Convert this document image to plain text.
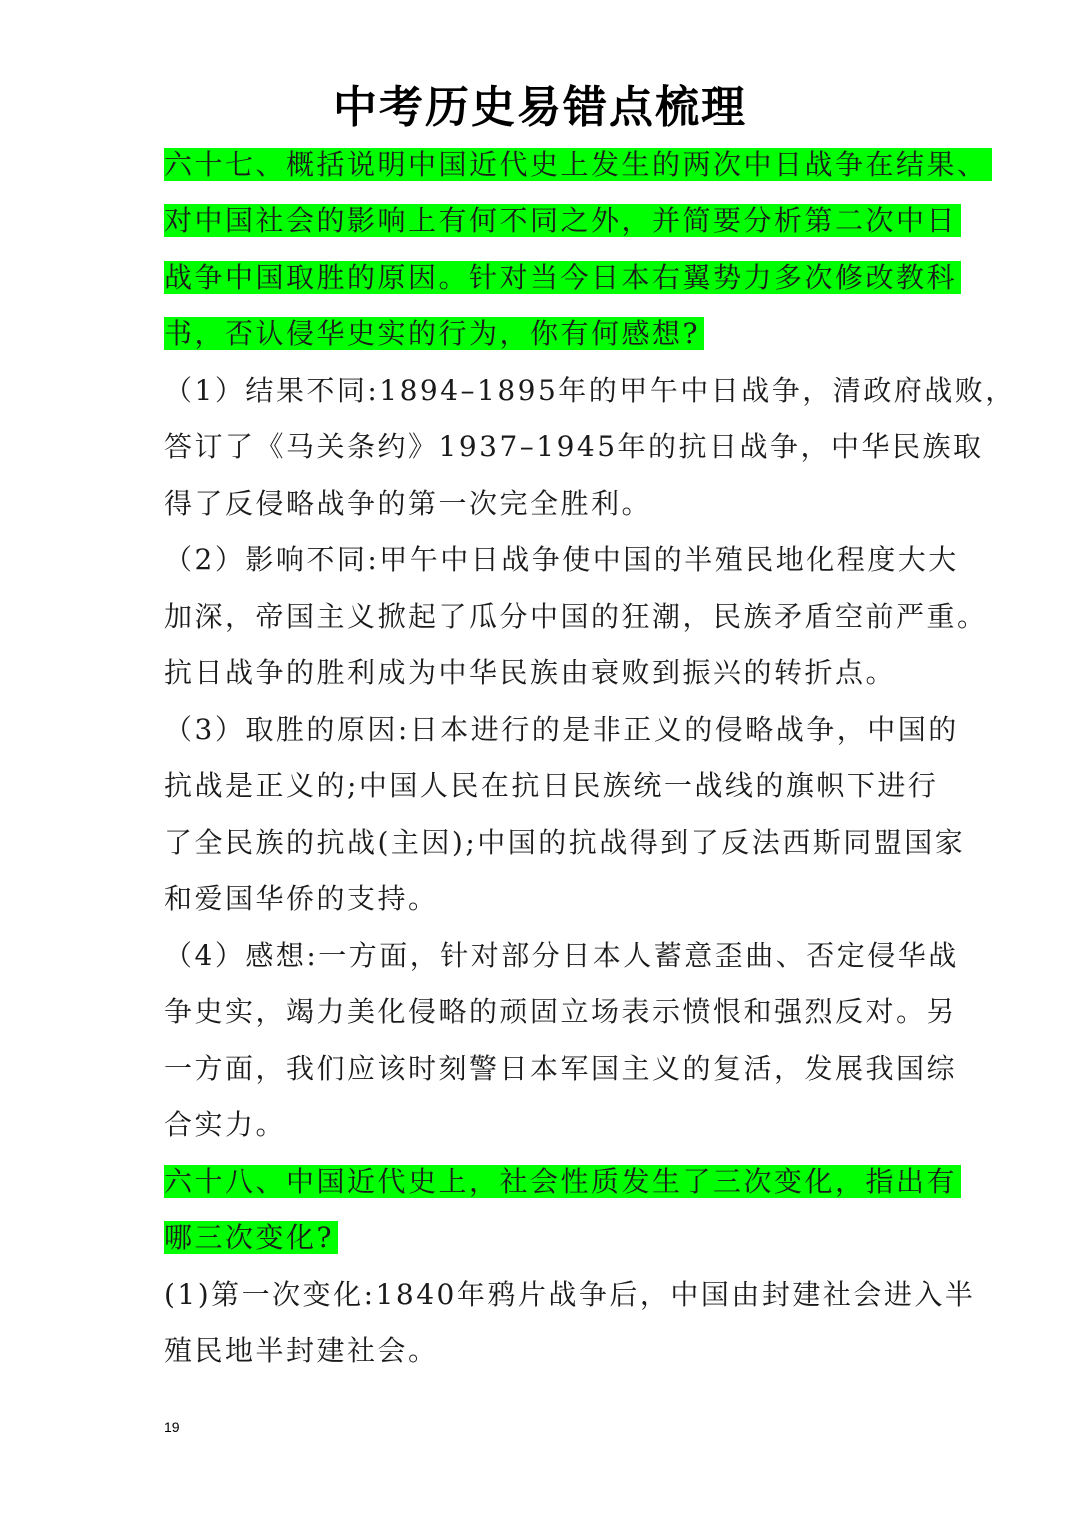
中考历史易错点梳理
六十七、概括说明中国近代史上发生的两次中日战争在结果、
对中国社会的影响上有何不同之外，并简要分析第二次中日
战争中国取胜的原因。针对当今日本右翼势力多次修改教科
书，否认侵华史实的行为，你有何感想?
（1）结果不同:1894–1895年的甲午中日战争，清政府战败，
答订了《马关条约》1937–1945年的抗日战争，中华民族取
得了反侵略战争的第一次完全胜利。
（2）影响不同:甲午中日战争使中国的半殖民地化程度大大
加深，帝国主义掀起了瓜分中国的狂潮，民族矛盾空前严重。
抗日战争的胜利成为中华民族由衰败到振兴的转折点。
（3）取胜的原因:日本进行的是非正义的侵略战争，中国的
抗战是正义的;中国人民在抗日民族统一战线的旗帜下进行
了全民族的抗战(主因);中国的抗战得到了反法西斯同盟国家
和爱国华侨的支持。
（4）感想:一方面，针对部分日本人蓄意歪曲、否定侵华战
争史实，竭力美化侵略的顽固立场表示愤恨和强烈反对。另
一方面，我们应该时刻警日本军国主义的复活，发展我国综
合实力。
六十八、中国近代史上，社会性质发生了三次变化，指出有
哪三次变化?
(1)第一次变化:1840年鸦片战争后，中国由封建社会进入半
殖民地半封建社会。
19
